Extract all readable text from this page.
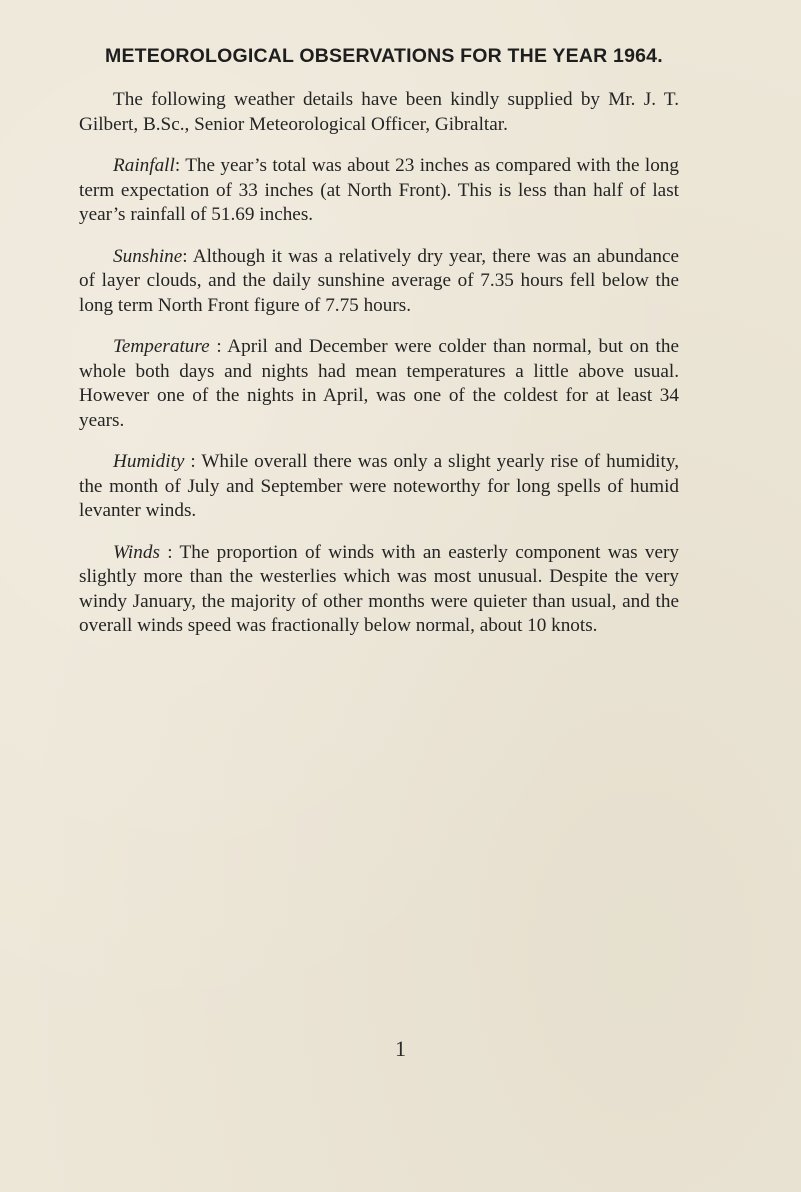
METEOROLOGICAL OBSERVATIONS FOR THE YEAR 1964.

The following weather details have been kindly supplied by Mr. J. T. Gilbert, B.Sc., Senior Meteorological Officer, Gibraltar.

Rainfall: The year’s total was about 23 inches as compared with the long term expectation of 33 inches (at North Front). This is less than half of last year’s rainfall of 51.69 inches.

Sunshine: Although it was a relatively dry year, there was an abundance of layer clouds, and the daily sunshine average of 7.35 hours fell below the long term North Front figure of 7.75 hours.

Temperature : April and December were colder than normal, but on the whole both days and nights had mean temperatures a little above usual. However one of the nights in April, was one of the coldest for at least 34 years.

Humidity : While overall there was only a slight yearly rise of humidity, the month of July and September were noteworthy for long spells of humid levanter winds.

Winds : The proportion of winds with an easterly component was very slightly more than the westerlies which was most unusual. Despite the very windy January, the majority of other months were quieter than usual, and the overall winds speed was fractionally below normal, about 10 knots.

1
